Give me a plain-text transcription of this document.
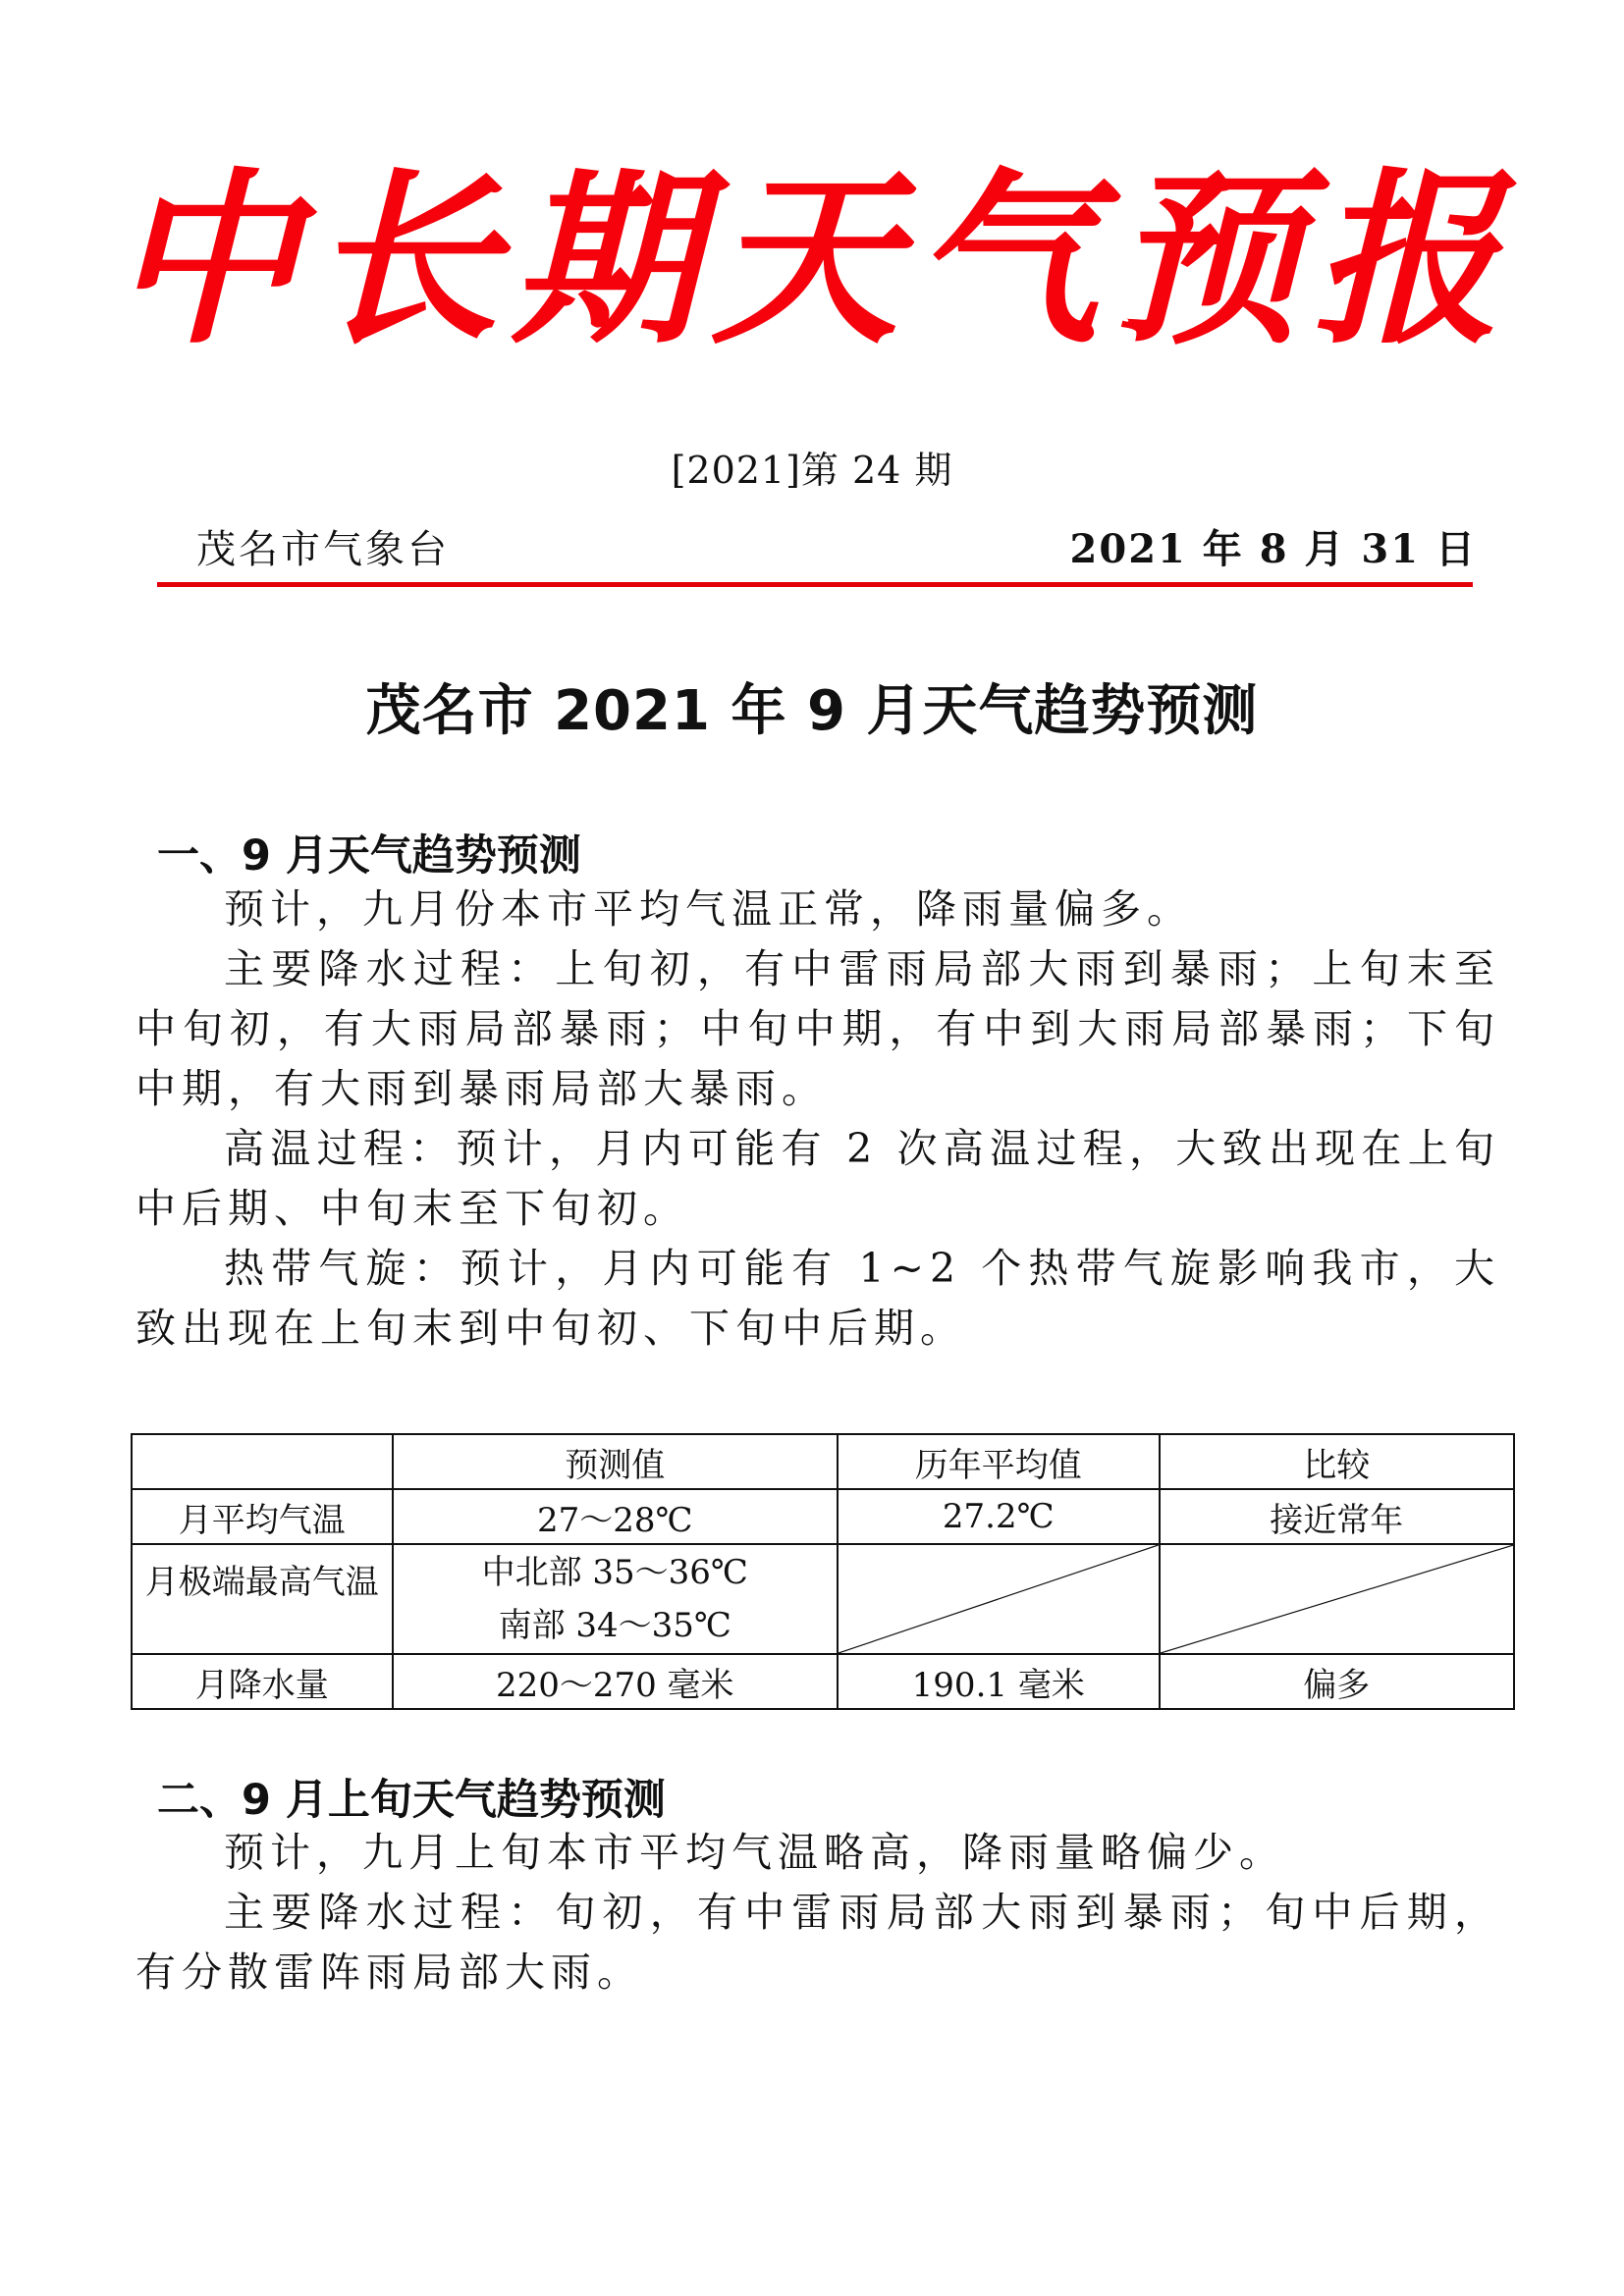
中长期天气预报
[2021]第 24 期
茂名市气象台	2021 年 8 月 31 日
茂名市 2021 年 9 月天气趋势预测
一、9 月天气趋势预测

预计，九月份本市平均气温正常，降雨量偏多。

主要降水过程：上旬初，有中雷雨局部大雨到暴雨；上旬末至中旬初，有大雨局部暴雨；中旬中期，有中到大雨局部暴雨；下旬中期，有大雨到暴雨局部大暴雨。

高温过程：预计，月内可能有 2 次高温过程，大致出现在上旬中后期、中旬末至下旬初。

热带气旋：预计，月内可能有 1~2 个热带气旋影响我市，大致出现在上旬末到中旬初、下旬中后期。

	预测值	历年平均值	比较
月平均气温	27～28℃	27.2℃	接近常年
月极端最高气温	中北部 35～36℃
南部 34～35℃

月降水量	220～270 毫米	190.1 毫米	偏多
二、9 月上旬天气趋势预测

预计，九月上旬本市平均气温略高，降雨量略偏少。

主要降水过程：旬初，有中雷雨局部大雨到暴雨；旬中后期，有分散雷阵雨局部大雨。
